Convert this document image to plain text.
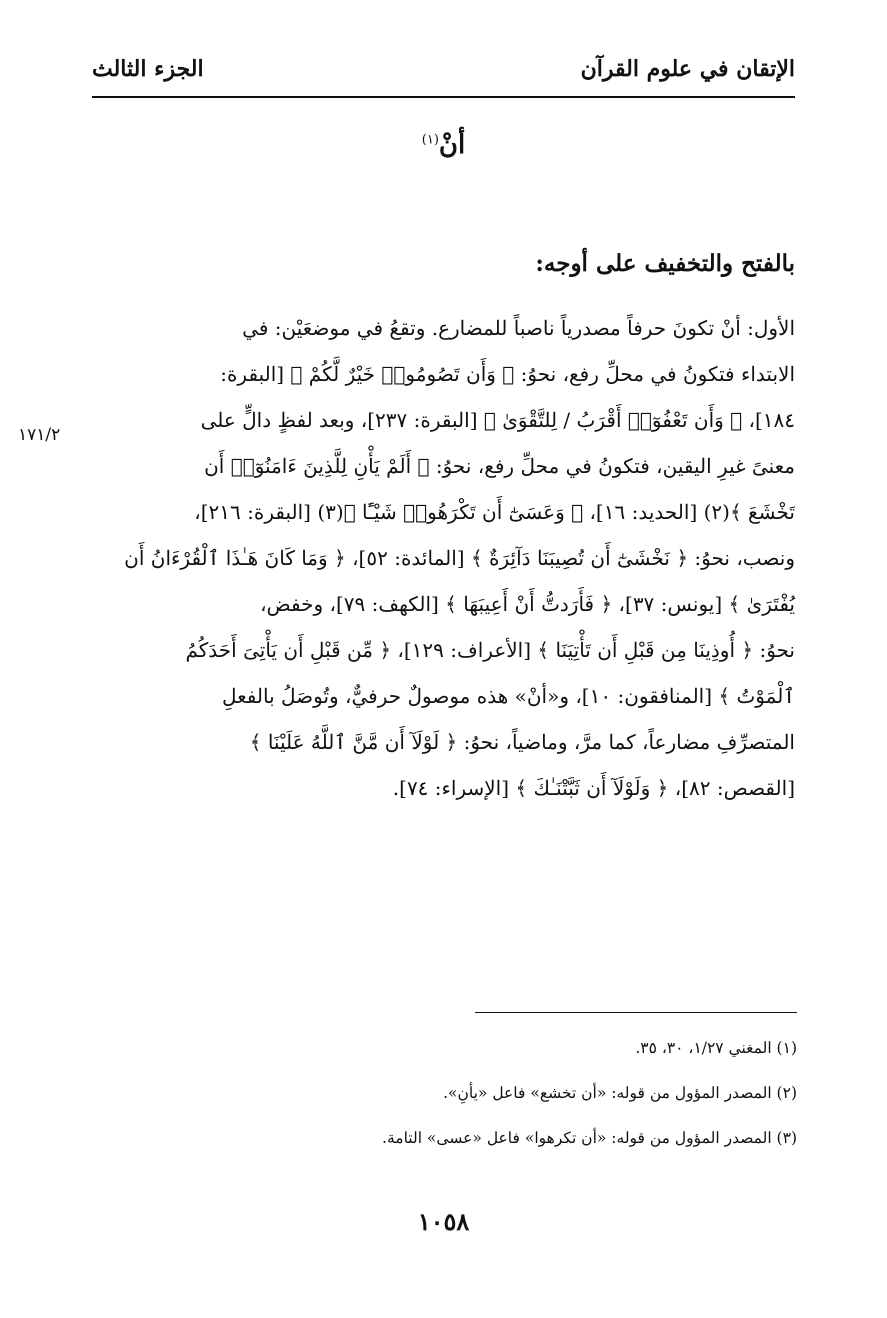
الإتقان في علوم القرآن
الجزء الثالث
أنْ$^{(١)}$
بالفتح والتخفيف على أوجه:
١٧١/٢

الأول: أنْ تكونَ حرفاً مصدرياً ناصباً للمضارع. وتقعُ في موضعَيْن: في

الابتداء فتكونُ في محلِّ رفع، نحوُ: ﴿ وَأَن تَصُومُوا۟ خَيْرٌ لَّكُمْ ﴾ [البقرة:

١٨٤]، ﴿ وَأَن تَعْفُوٓا۟ أَقْرَبُ / لِلتَّقْوَىٰ ﴾ [البقرة: ٢٣٧]، وبعد لفظٍ دالٍّ على

معنىً غيرِ اليقين، فتكونُ في محلِّ رفع، نحوُ: ﴿ أَلَمْ يَأْنِ لِلَّذِينَ ءَامَنُوٓا۟ أَن

تَخْشَعَ ﴾(٢) [الحديد: ١٦]، ﴿ وَعَسَىٰٓ أَن تَكْرَهُوا۟ شَيْـًٔا ﴾(٣) [البقرة: ٢١٦]،

ونصب، نحوُ: ﴿ نَخْشَىٰٓ أَن تُصِيبَنَا دَآئِرَةٌ ﴾ [المائدة: ٥٢]، ﴿ وَمَا كَانَ هَـٰذَا ٱلْقُرْءَانُ أَن

يُفْتَرَىٰ ﴾ [يونس: ٣٧]، ﴿ فَأَرَدتُّ أَنْ أَعِيبَهَا ﴾ [الكهف: ٧٩]، وخفض،

نحوُ: ﴿ أُوذِينَا مِن قَبْلِ أَن تَأْتِيَنَا ﴾ [الأعراف: ١٢٩]، ﴿ مِّن قَبْلِ أَن يَأْتِىَ أَحَدَكُمُ

ٱلْمَوْتُ ﴾ [المنافقون: ١٠]، و«أنْ» هذه موصولٌ حرفيٌّ، وتُوصَلُ بالفعلِ

المتصرِّفِ مضارعاً، كما مرَّ، وماضياً، نحوُ: ﴿ لَوْلَآ أَن مَّنَّ ٱللَّهُ عَلَيْنَا ﴾

[القصص: ٨٢]، ﴿ وَلَوْلَآ أَن ثَبَّتْنَـٰكَ ﴾ [الإسراء: ٧٤].

(١) المغني ١/٢٧، ٣٠، ٣٥.
(٢) المصدر المؤول من قوله: «أن تخشع» فاعل «يأنِ».
(٣) المصدر المؤول من قوله: «أن تكرهوا» فاعل «عسى» التامة.
١٠٥٨
